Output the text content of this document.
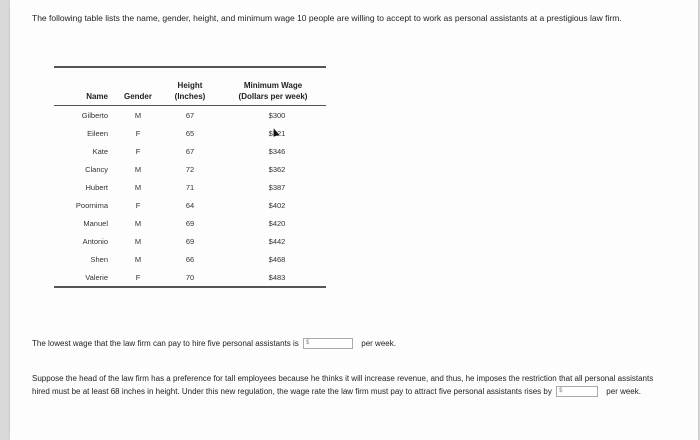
The following table lists the name, gender, height, and minimum wage 10 people are willing to accept to work as personal assistants at a prestigious law firm.
		Height	Minimum Wage
Name	Gender	(Inches)	(Dollars per week)
Gilberto	M	67	$300
Eileen	F	65	$321
Kate	F	67	$346
Clancy	M	72	$362
Hubert	M	71	$387
Poornima	F	64	$402
Manuel	M	69	$420
Antonio	M	69	$442
Shen	M	66	$468
Valerie	F	70	$483
The lowest wage that the law firm can pay to hire five personal assistants is $	per week.
Suppose the head of the law firm has a preference for tall employees because he thinks it will increase revenue, and thus, he imposes the restriction that all personal assistants hired must be at least 68 inches in height. Under this new regulation, the wage rate the law firm must pay to attract five personal assistants rises by $	per week.
